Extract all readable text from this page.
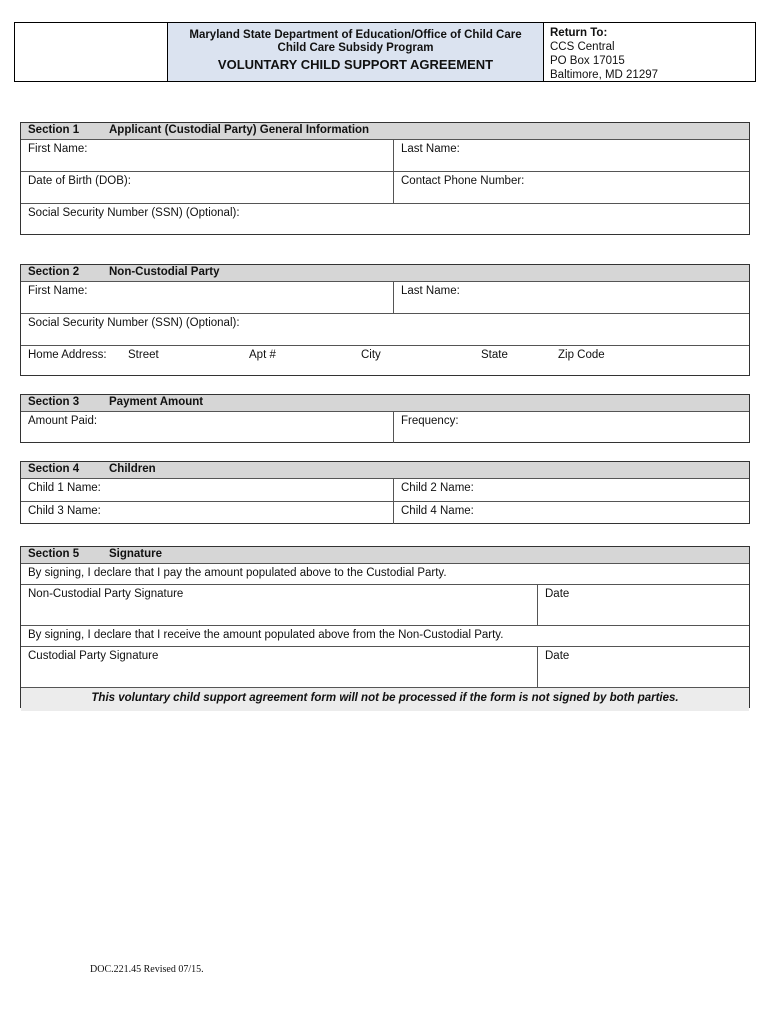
Maryland State Department of Education/Office of Child Care
Child Care Subsidy Program
VOLUNTARY CHILD SUPPORT AGREEMENT
Return To:
CCS Central
PO Box 17015
Baltimore, MD 21297
Section 1	Applicant (Custodial Party) General Information
First Name:	Last Name:
Date of Birth (DOB):	Contact Phone Number:
Social Security Number (SSN) (Optional):
Section 2	Non-Custodial Party
First Name:	Last Name:
Social Security Number (SSN) (Optional):
Home Address: Street	Apt #	City	State	Zip Code
Section 3	Payment Amount
Amount Paid:	Frequency:
Section 4	Children
Child 1 Name:	Child 2 Name:
Child 3 Name:	Child 4 Name:
Section 5	Signature
By signing, I declare that I pay the amount populated above to the Custodial Party.
Non-Custodial Party Signature	Date
By signing, I declare that I receive the amount populated above from the Non-Custodial Party.
Custodial Party Signature	Date
This voluntary child support agreement form will not be processed if the form is not signed by both parties.
DOC.221.45 Revised 07/15.
